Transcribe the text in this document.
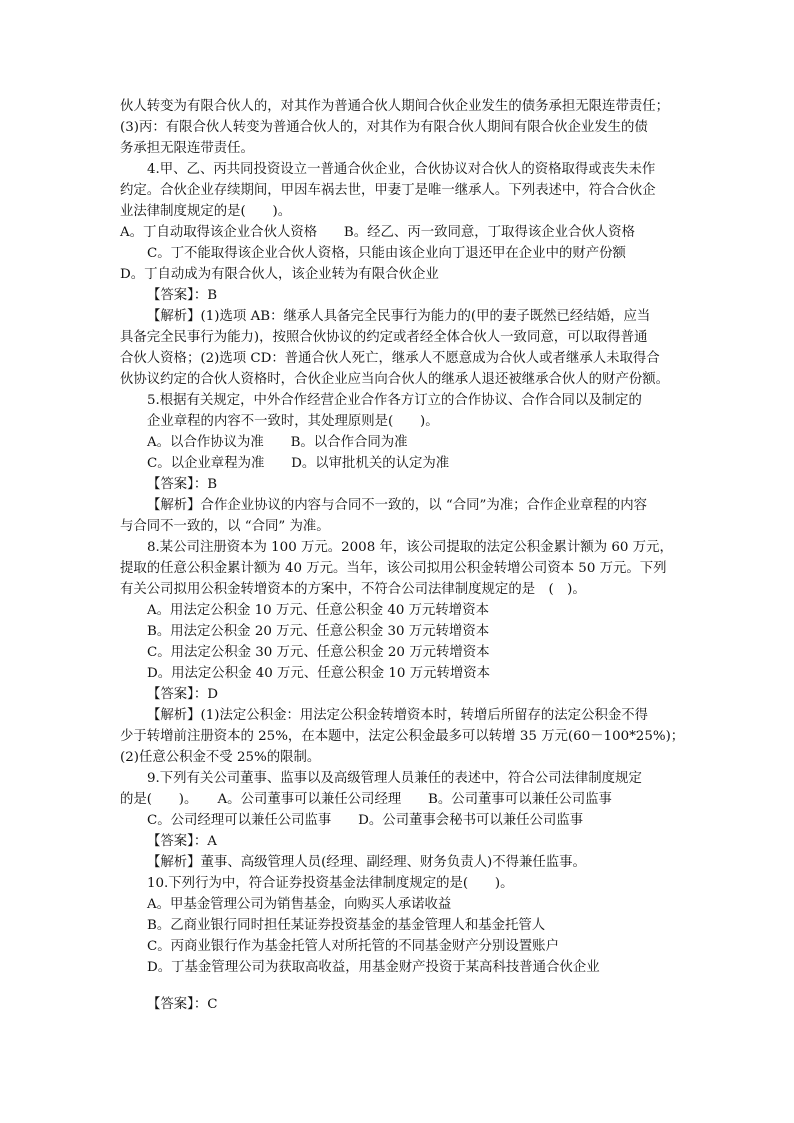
伙人转变为有限合伙人的，对其作为普通合伙人期间合伙企业发生的债务承担无限连带责任；
(3)丙：有限合伙人转变为普通合伙人的，对其作为有限合伙人期间有限合伙企业发生的债
务承担无限连带责任。
4.甲、乙、丙共同投资设立一普通合伙企业，合伙协议对合伙人的资格取得或丧失未作
约定。合伙企业存续期间，甲因车祸去世，甲妻丁是唯一继承人。下列表述中，符合合伙企
业法律制度规定的是(　　)。
A。丁自动取得该企业合伙人资格　　B。经乙、丙一致同意，丁取得该企业合伙人资格
C。丁不能取得该企业合伙人资格，只能由该企业向丁退还甲在企业中的财产份额
D。丁自动成为有限合伙人，该企业转为有限合伙企业
【答案】：B
【解析】(1)选项 AB：继承人具备完全民事行为能力的(甲的妻子既然已经结婚，应当
具备完全民事行为能力)，按照合伙协议的约定或者经全体合伙人一致同意，可以取得普通
合伙人资格；(2)选项 CD：普通合伙人死亡，继承人不愿意成为合伙人或者继承人未取得合
伙协议约定的合伙人资格时，合伙企业应当向合伙人的继承人退还被继承合伙人的财产份额。
5.根据有关规定，中外合作经营企业合作各方订立的合作协议、合作合同以及制定的
企业章程的内容不一致时，其处理原则是(　　)。
A。以合作协议为准　　B。以合作合同为准
C。以企业章程为准　　D。以审批机关的认定为准
【答案】：B
【解析】合作企业协议的内容与合同不一致的，以 “合同”为准；合作企业章程的内容
与合同不一致的，以 “合同” 为准。
8.某公司注册资本为 100 万元。2008 年，该公司提取的法定公积金累计额为 60 万元，
提取的任意公积金累计额为 40 万元。当年，该公司拟用公积金转增公司资本 50 万元。下列
有关公司拟用公积金转增资本的方案中，不符合公司法律制度规定的是　(　)。
A。用法定公积金 10 万元、任意公积金 40 万元转增资本
B。用法定公积金 20 万元、任意公积金 30 万元转增资本
C。用法定公积金 30 万元、任意公积金 20 万元转增资本
D。用法定公积金 40 万元、任意公积金 10 万元转增资本
【答案】：D
【解析】(1)法定公积金：用法定公积金转增资本时，转增后所留存的法定公积金不得
少于转增前注册资本的 25%，在本题中，法定公积金最多可以转增 35 万元(60－100*25%)；
(2)任意公积金不受 25%的限制。
9.下列有关公司董事、监事以及高级管理人员兼任的表述中，符合公司法律制度规定
的是(　　)。　　A。公司董事可以兼任公司经理　　B。公司董事可以兼任公司监事
C。公司经理可以兼任公司监事　　D。公司董事会秘书可以兼任公司监事
【答案】：A
【解析】董事、高级管理人员(经理、副经理、财务负责人)不得兼任监事。
10.下列行为中，符合证券投资基金法律制度规定的是(　　)。
A。甲基金管理公司为销售基金，向购买人承诺收益
B。乙商业银行同时担任某证券投资基金的基金管理人和基金托管人
C。丙商业银行作为基金托管人对所托管的不同基金财产分别设置账户
D。丁基金管理公司为获取高收益，用基金财产投资于某高科技普通合伙企业
【答案】：C
